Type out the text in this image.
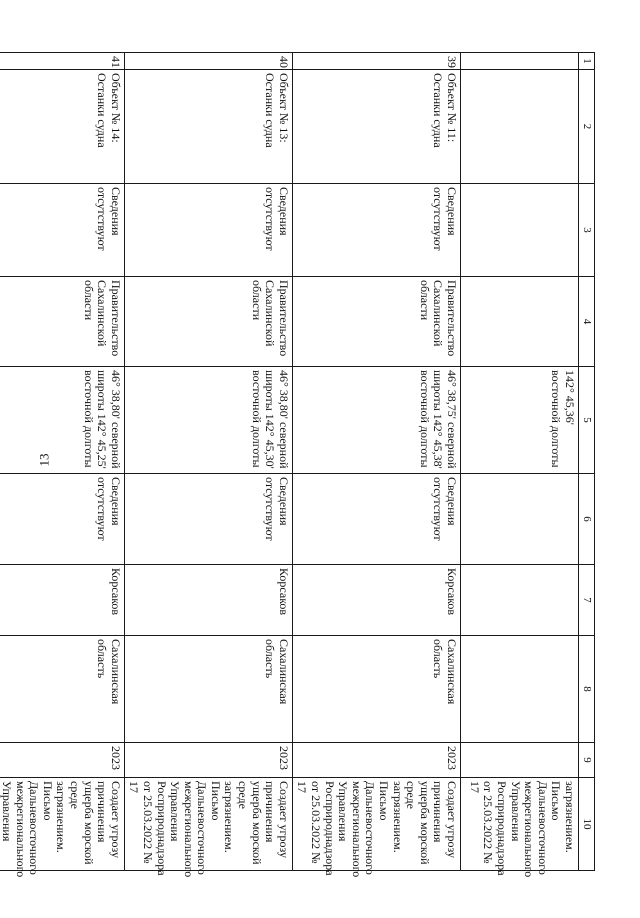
13
1	2	3	4	5	6	7	8	9	10
				142° 45,36' восточной долготы					загрязнением. Письмо Дальневосточного межрегионального Управления Росприроднадзора от 25.03.2022 № 17
39	Объект № 11: Останки судна	Сведения отсутствуют	Правительство Сахалинской области	46° 38,75' северной широты 142° 45,38' восточной долготы	Сведения отсутствуют	Корсаков	Сахалинская область	2023	Создает угрозу причинения ущерба морской среде загрязнением. Письмо Дальневосточного межрегионального Управления Росприроднадзора от 25.03.2022 № 17
40	Объект № 13: Останки судна	Сведения отсутствуют	Правительство Сахалинской области	46° 38,80' северной широты 142° 45,30' восточной долготы	Сведения отсутствуют	Корсаков	Сахалинская область	2023	Создает угрозу причинения ущерба морской среде загрязнением. Письмо Дальневосточного межрегионального Управления Росприроднадзора от 25.03.2022 № 17
41	Объект № 14: Останки судна	Сведения отсутствуют	Правительство Сахалинской области	46° 38,80' северной широты 142° 45,25' восточной долготы	Сведения отсутствуют	Корсаков	Сахалинская область	2023	Создает угрозу причинения ущерба морской среде загрязнением. Письмо Дальневосточного межрегионального Управления
